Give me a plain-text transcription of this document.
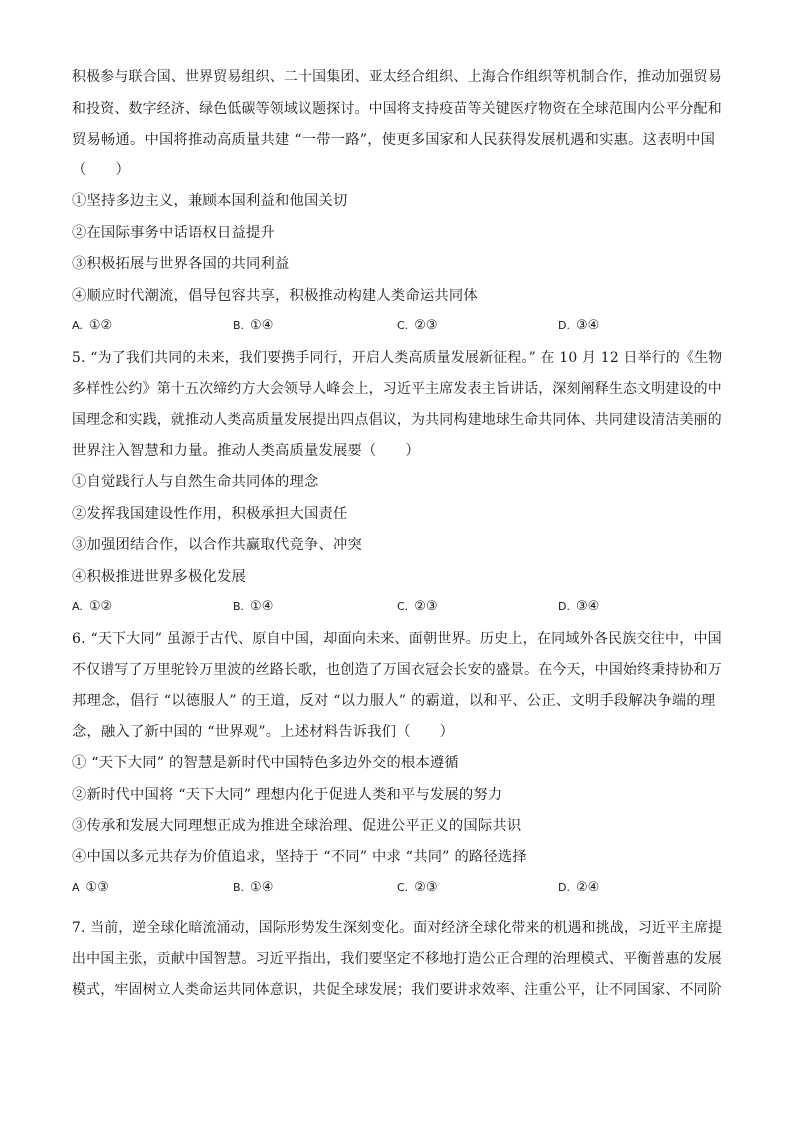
积极参与联合国、世界贸易组织、二十国集团、亚太经合组织、上海合作组织等机制合作，推动加强贸易
和投资、数字经济、绿色低碳等领域议题探讨。中国将支持疫苗等关键医疗物资在全球范围内公平分配和
贸易畅通。中国将推动高质量共建 “一带一路”，使更多国家和人民获得发展机遇和实惠。这表明中国
（　　）
①坚持多边主义，兼顾本国利益和他国关切
②在国际事务中话语权日益提升
③积极拓展与世界各国的共同利益
④顺应时代潮流，倡导包容共享，积极推动构建人类命运共同体
A. ①②	B. ①④	C. ②③	D. ③④
5. “为了我们共同的未来，我们要携手同行，开启人类高质量发展新征程。” 在 10 月 12 日举行的《生物
多样性公约》第十五次缔约方大会领导人峰会上，习近平主席发表主旨讲话，深刻阐释生态文明建设的中
国理念和实践，就推动人类高质量发展提出四点倡议，为共同构建地球生命共同体、共同建设清洁美丽的
世界注入智慧和力量。推动人类高质量发展要（　　）
①自觉践行人与自然生命共同体的理念
②发挥我国建设性作用，积极承担大国责任
③加强团结合作，以合作共赢取代竞争、冲突
④积极推进世界多极化发展
A. ①②	B. ①④	C. ②③	D. ③④
6. “天下大同” 虽源于古代、原自中国，却面向未来、面朝世界。历史上，在同域外各民族交往中，中国
不仅谱写了万里驼铃万里波的丝路长歌，也创造了万国衣冠会长安的盛景。在今天，中国始终秉持协和万
邦理念，倡行 “以德服人” 的王道，反对 “以力服人” 的霸道，以和平、公正、文明手段解决争端的理
念，融入了新中国的 “世界观”。上述材料告诉我们（　　）
① “天下大同” 的智慧是新时代中国特色多边外交的根本遵循
②新时代中国将 “天下大同” 理想内化于促进人类和平与发展的努力
③传承和发展大同理想正成为推进全球治理、促进公平正义的国际共识
④中国以多元共存为价值追求，坚持于 “不同” 中求 “共同” 的路径选择
A ①③	B. ①④	C. ②③	D. ②④
7. 当前，逆全球化暗流涌动，国际形势发生深刻变化。面对经济全球化带来的机遇和挑战，习近平主席提
出中国主张，贡献中国智慧。习近平指出，我们要坚定不移地打造公正合理的治理模式、平衡普惠的发展
模式，牢固树立人类命运共同体意识，共促全球发展；我们要讲求效率、注重公平，让不同国家、不同阶
